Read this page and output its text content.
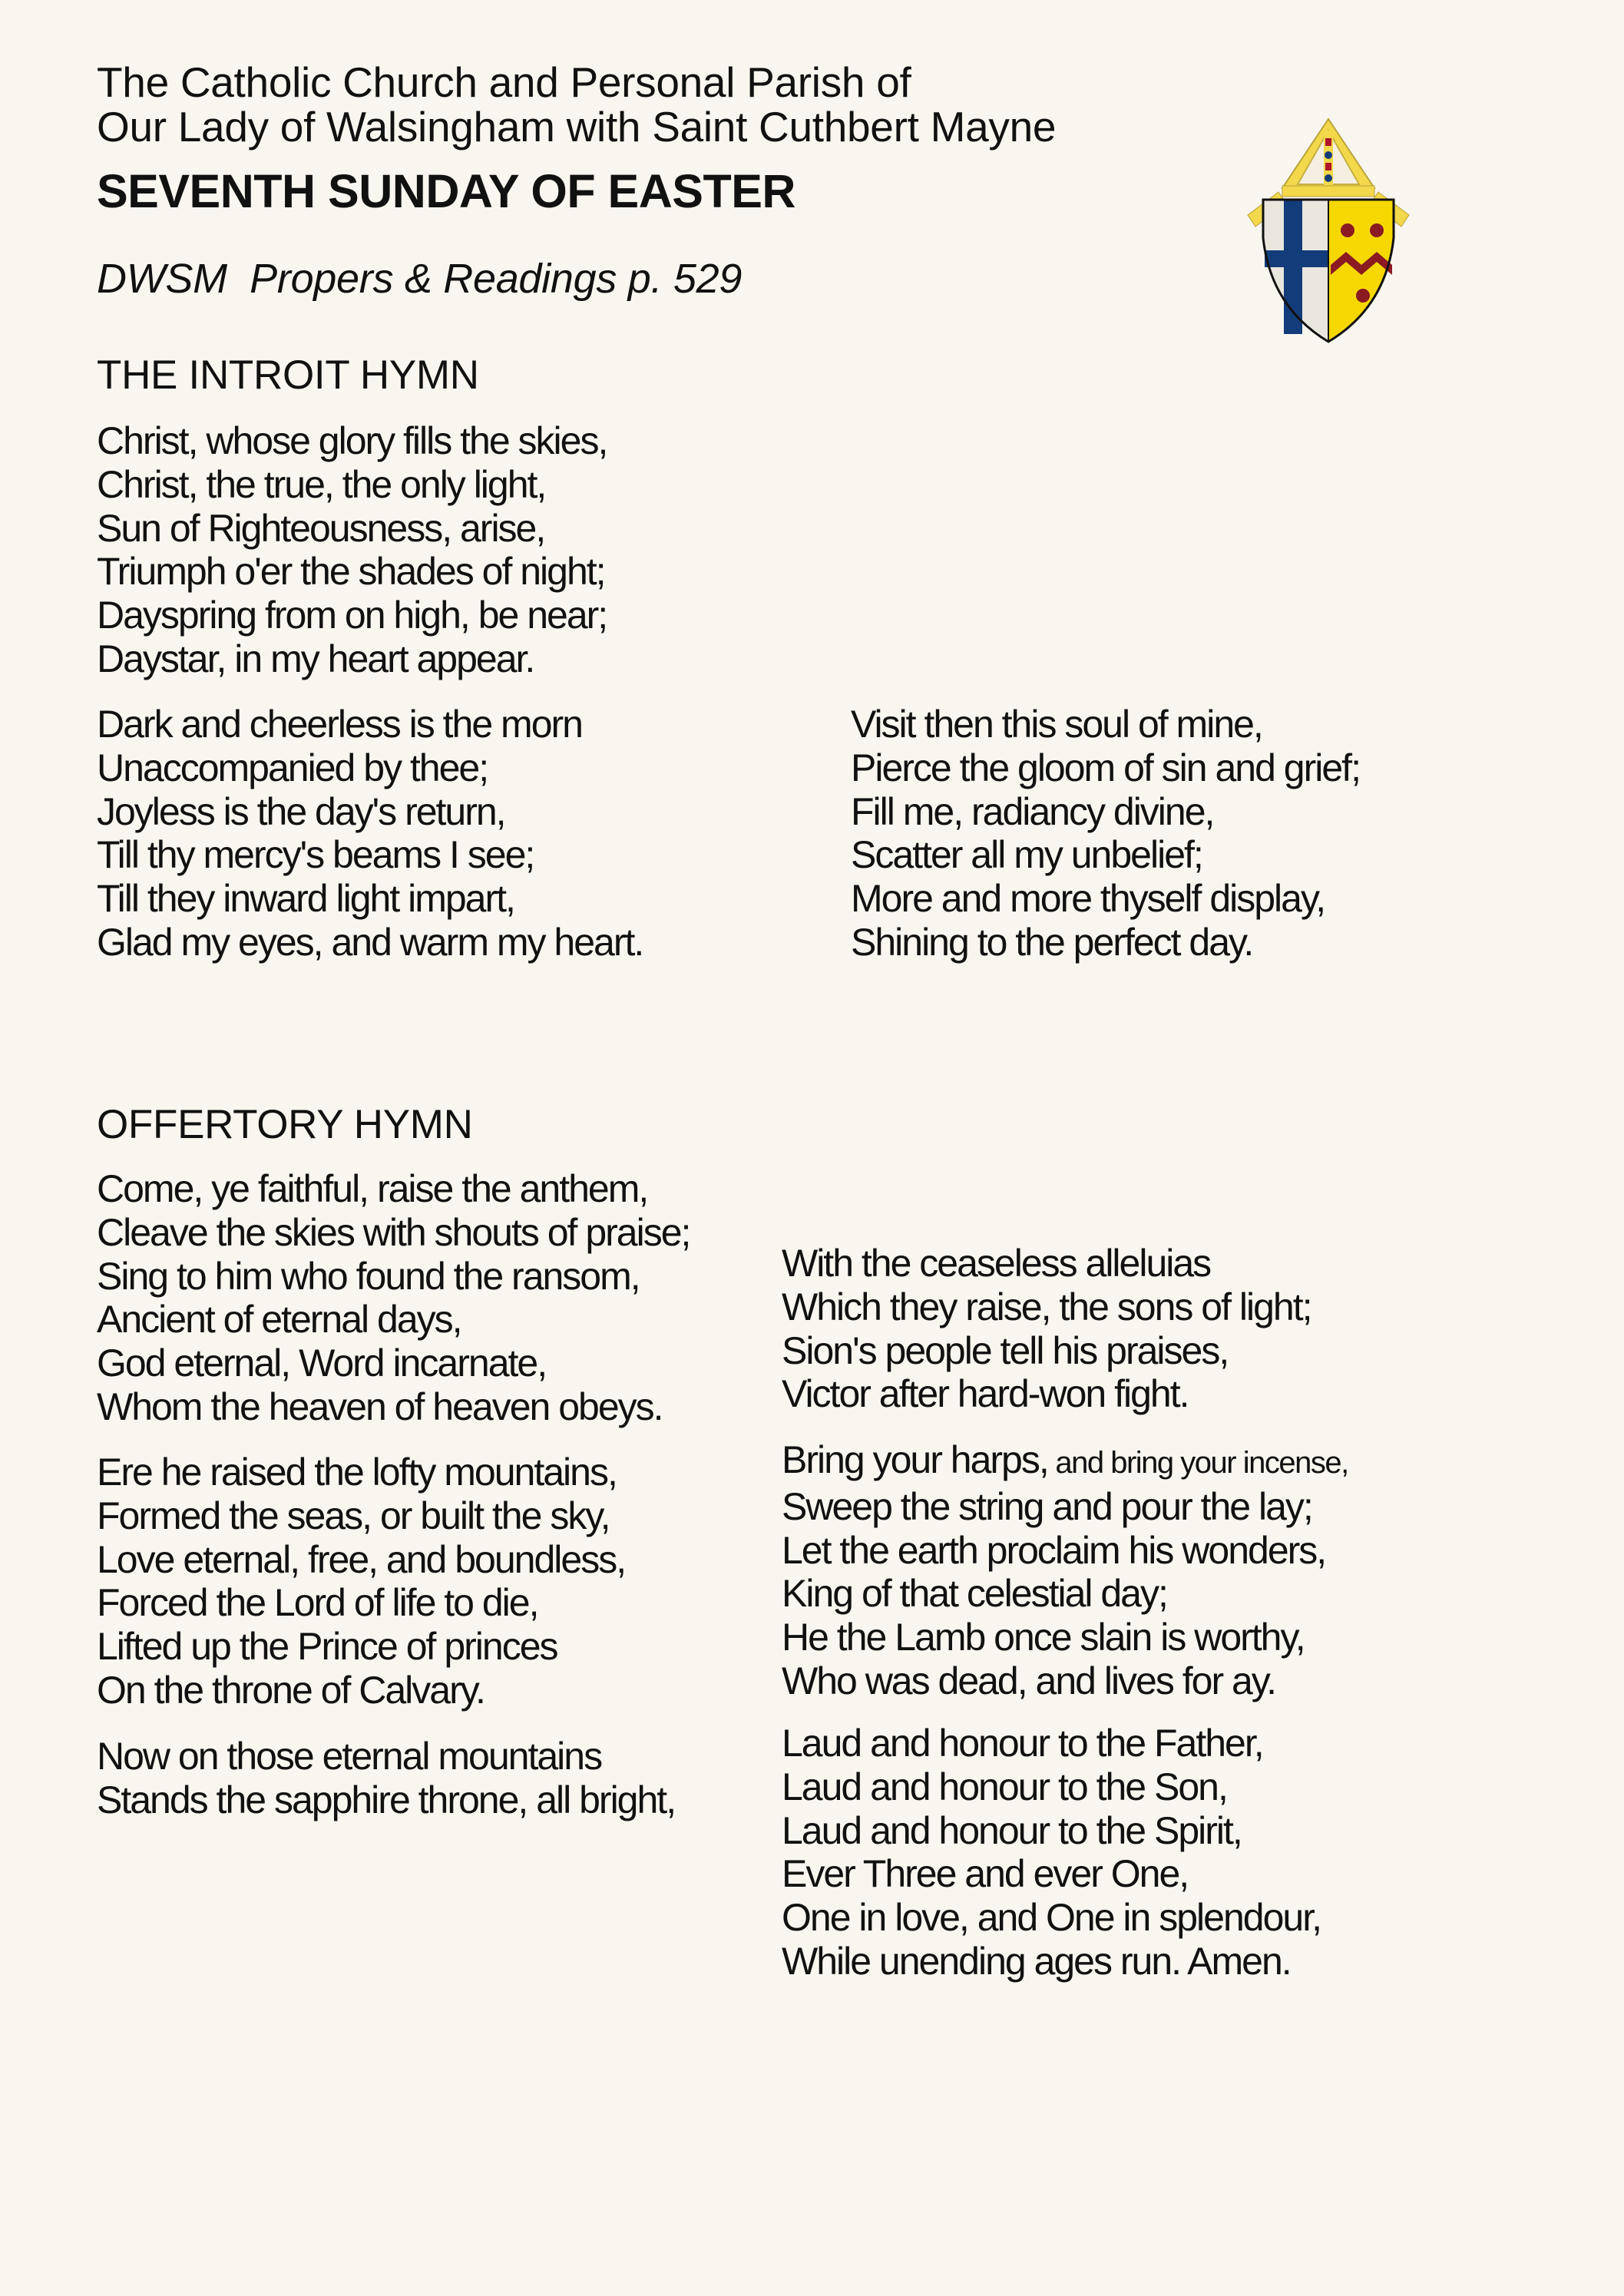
The Catholic Church and Personal Parish of
Our Lady of Walsingham with Saint Cuthbert Mayne
SEVENTH SUNDAY OF EASTER
DWSM  Propers & Readings p. 529
THE INTROIT HYMN
Christ, whose glory fills the skies,
Christ, the true, the only light,
Sun of Righteousness, arise,
Triumph o'er the shades of night;
Dayspring from on high, be near;
Daystar, in my heart appear.
Dark and cheerless is the morn
Unaccompanied by thee;
Joyless is the day's return,
Till thy mercy's beams I see;
Till they inward light impart,
Glad my eyes, and warm my heart.
Visit then this soul of mine,
Pierce the gloom of sin and grief;
Fill me, radiancy divine,
Scatter all my unbelief;
More and more thyself display,
Shining to the perfect day.
OFFERTORY HYMN
Come, ye faithful, raise the anthem,
Cleave the skies with shouts of praise;
Sing to him who found the ransom,
Ancient of eternal days,
God eternal, Word incarnate,
Whom the heaven of heaven obeys.
Ere he raised the lofty mountains,
Formed the seas, or built the sky,
Love eternal, free, and boundless,
Forced the Lord of life to die,
Lifted up the Prince of princes
On the throne of Calvary.
Now on those eternal mountains
Stands the sapphire throne, all bright,
With the ceaseless alleluias
Which they raise, the sons of light;
Sion's people tell his praises,
Victor after hard-won fight.
Bring your harps, and bring your incense,
Sweep the string and pour the lay;
Let the earth proclaim his wonders,
King of that celestial day;
He the Lamb once slain is worthy,
Who was dead, and lives for ay.
Laud and honour to the Father,
Laud and honour to the Son,
Laud and honour to the Spirit,
Ever Three and ever One,
One in love, and One in splendour,
While unending ages run. Amen.
